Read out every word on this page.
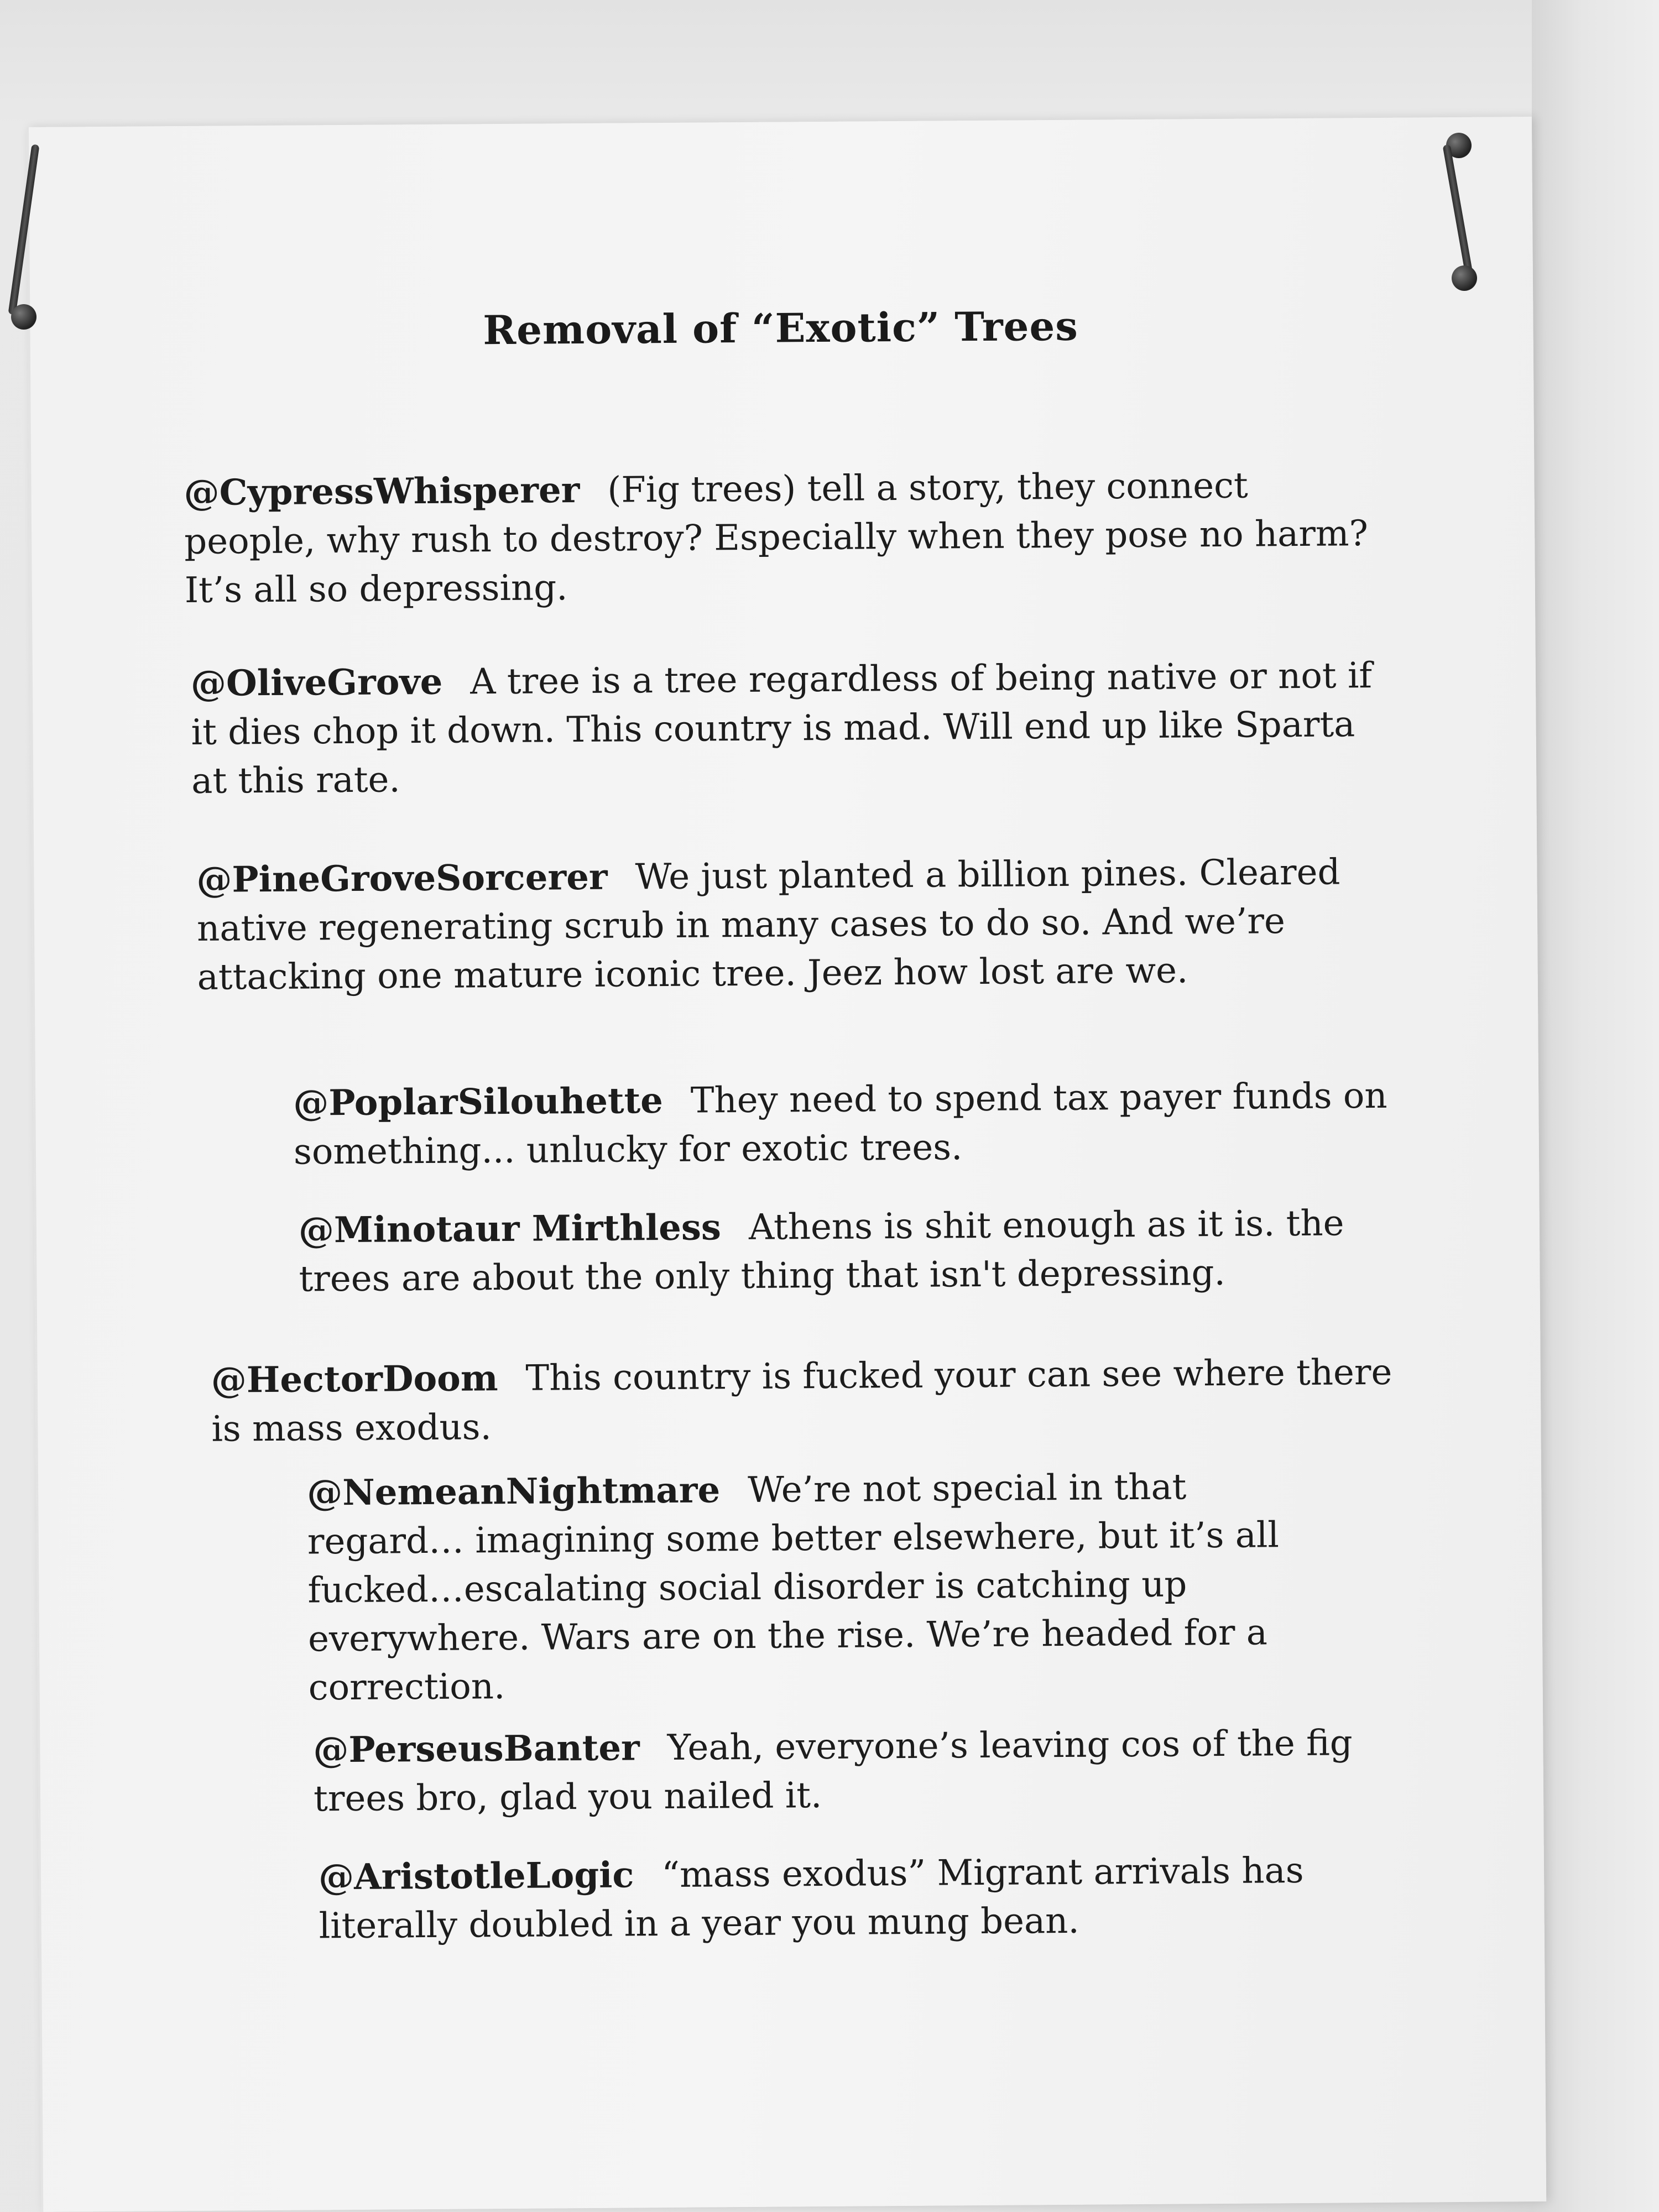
Removal of “Exotic” Trees
@CypressWhisperer (Fig trees) tell a story, they connect people, why rush to destroy? Especially when they pose no harm? It’s all so depressing.
@OliveGrove A tree is a tree regardless of being native or not if it dies chop it down. This country is mad. Will end up like Sparta at this rate.
@PineGroveSorcerer We just planted a billion pines. Cleared native regenerating scrub in many cases to do so. And we’re attacking one mature iconic tree. Jeez how lost are we.
@PoplarSilouhette They need to spend tax payer funds on something... unlucky for exotic trees.
@Minotaur Mirthless Athens is shit enough as it is. the trees are about the only thing that isn't depressing.
@HectorDoom This country is fucked your can see where there is mass exodus.
@NemeanNightmare We’re not special in that regard… imagining some better elsewhere, but it’s all fucked…escalating social disorder is catching up everywhere. Wars are on the rise. We’re headed for a correction.
@PerseusBanter Yeah, everyone’s leaving cos of the fig trees bro, glad you nailed it.
@AristotleLogic “mass exodus” Migrant arrivals has literally doubled in a year you mung bean.
